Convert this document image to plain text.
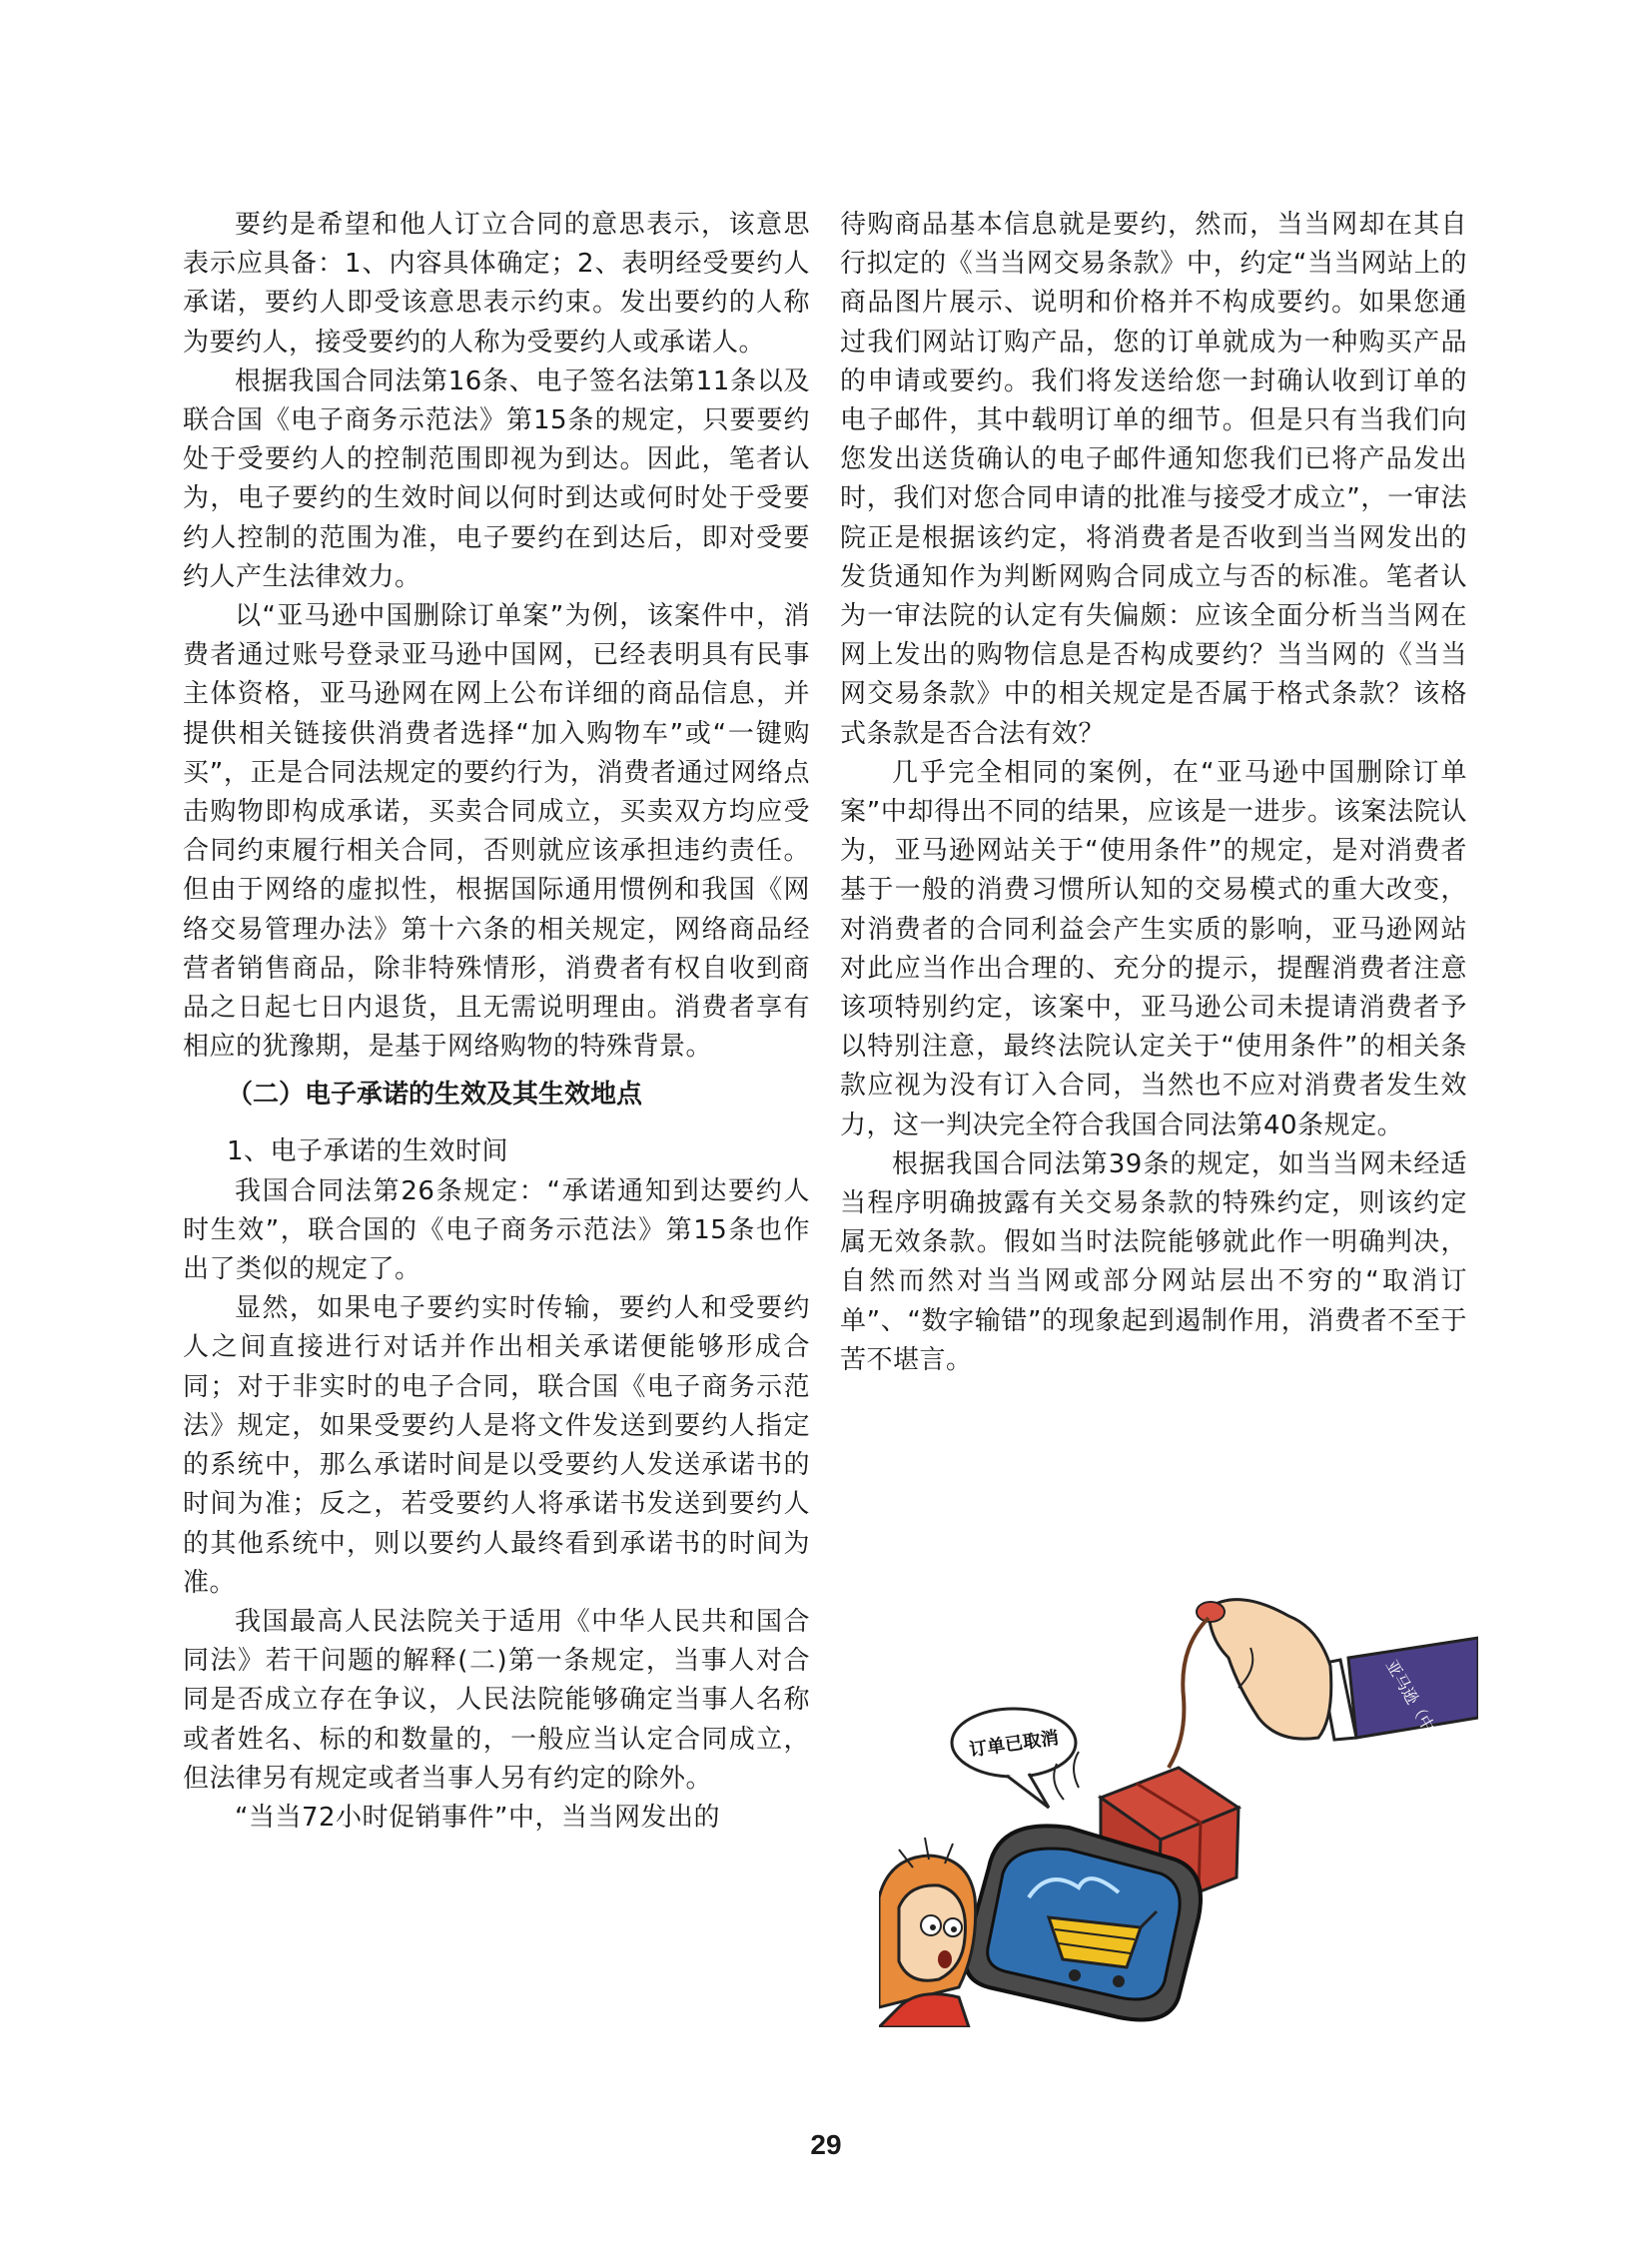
要约是希望和他人订立合同的意思表示，该意思表示应具备：1、内容具体确定；2、表明经受要约人承诺，要约人即受该意思表示约束。发出要约的人称为要约人，接受要约的人称为受要约人或承诺人。

根据我国合同法第16条、电子签名法第11条以及联合国《电子商务示范法》第15条的规定，只要要约处于受要约人的控制范围即视为到达。因此，笔者认为，电子要约的生效时间以何时到达或何时处于受要约人控制的范围为准，电子要约在到达后，即对受要约人产生法律效力。

以“亚马逊中国删除订单案”为例，该案件中，消费者通过账号登录亚马逊中国网，已经表明具有民事主体资格，亚马逊网在网上公布详细的商品信息，并提供相关链接供消费者选择“加入购物车”或“一键购买”，正是合同法规定的要约行为，消费者通过网络点击购物即构成承诺，买卖合同成立，买卖双方均应受合同约束履行相关合同，否则就应该承担违约责任。但由于网络的虚拟性，根据国际通用惯例和我国《网络交易管理办法》第十六条的相关规定，网络商品经营者销售商品，除非特殊情形，消费者有权自收到商品之日起七日内退货，且无需说明理由。消费者享有相应的犹豫期，是基于网络购物的特殊背景。

（二）电子承诺的生效及其生效地点

1、电子承诺的生效时间

我国合同法第26条规定：“承诺通知到达要约人时生效”，联合国的《电子商务示范法》第15条也作出了类似的规定了。

显然，如果电子要约实时传输，要约人和受要约人之间直接进行对话并作出相关承诺便能够形成合同；对于非实时的电子合同，联合国《电子商务示范法》规定，如果受要约人是将文件发送到要约人指定的系统中，那么承诺时间是以受要约人发送承诺书的时间为准；反之，若受要约人将承诺书发送到要约人的其他系统中，则以要约人最终看到承诺书的时间为准。

我国最高人民法院关于适用《中华人民共和国合同法》若干问题的解释(二)第一条规定，当事人对合同是否成立存在争议，人民法院能够确定当事人名称或者姓名、标的和数量的，一般应当认定合同成立，但法律另有规定或者当事人另有约定的除外。

“当当72小时促销事件”中，当当网发出的

待购商品基本信息就是要约，然而，当当网却在其自行拟定的《当当网交易条款》中，约定“当当网站上的商品图片展示、说明和价格并不构成要约。如果您通过我们网站订购产品，您的订单就成为一种购买产品的申请或要约。我们将发送给您一封确认收到订单的电子邮件，其中载明订单的细节。但是只有当我们向您发出送货确认的电子邮件通知您我们已将产品发出时，我们对您合同申请的批准与接受才成立”，一审法院正是根据该约定，将消费者是否收到当当网发出的发货通知作为判断网购合同成立与否的标准。笔者认为一审法院的认定有失偏颇：应该全面分析当当网在网上发出的购物信息是否构成要约？当当网的《当当网交易条款》中的相关规定是否属于格式条款？该格式条款是否合法有效？

几乎完全相同的案例，在“亚马逊中国删除订单案”中却得出不同的结果，应该是一进步。该案法院认为，亚马逊网站关于“使用条件”的规定，是对消费者基于一般的消费习惯所认知的交易模式的重大改变，对消费者的合同利益会产生实质的影响，亚马逊网站对此应当作出合理的、充分的提示，提醒消费者注意该项特别约定，该案中，亚马逊公司未提请消费者予以特别注意，最终法院认定关于“使用条件”的相关条款应视为没有订入合同，当然也不应对消费者发生效力，这一判决完全符合我国合同法第40条规定。

根据我国合同法第39条的规定，如当当网未经适当程序明确披露有关交易条款的特殊约定，则该约定属无效条款。假如当时法院能够就此作一明确判决，自然而然对当当网或部分网站层出不穷的“取消订单”、“数字输错”的现象起到遏制作用，消费者不至于苦不堪言。

亚马逊（中国）
订单已取消
29
